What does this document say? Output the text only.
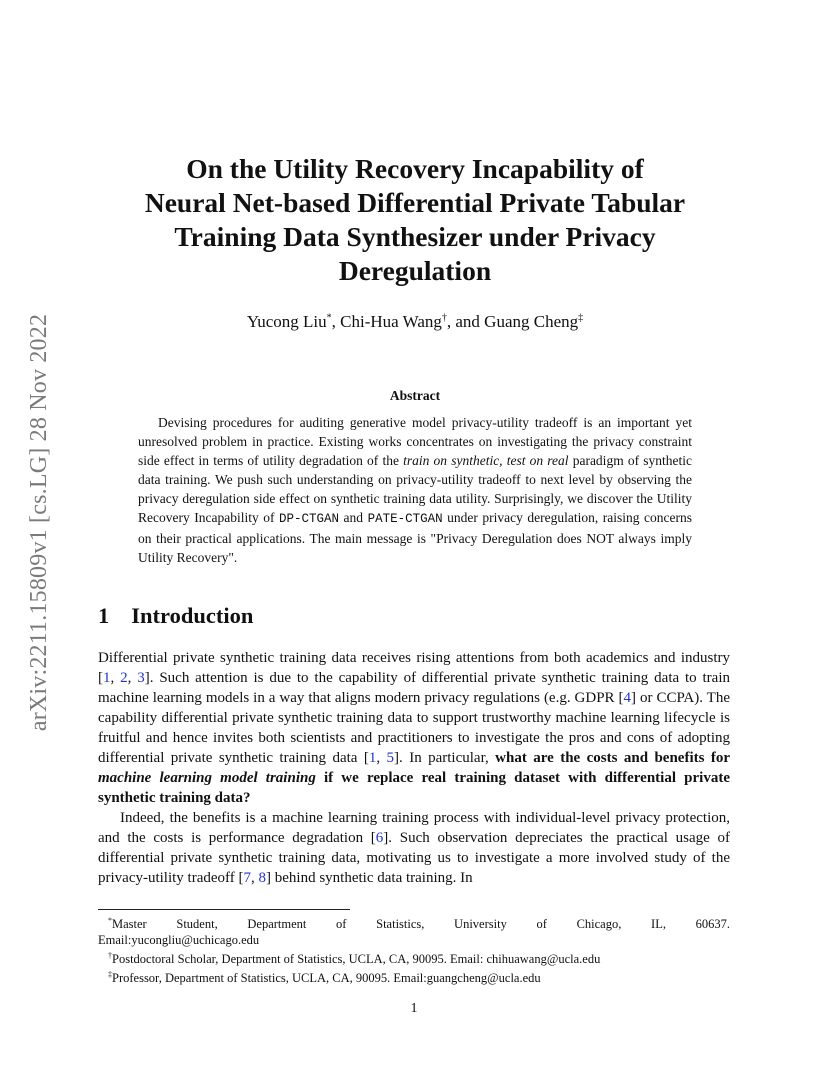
arXiv:2211.15809v1 [cs.LG] 28 Nov 2022
On the Utility Recovery Incapability of
Neural Net-based Differential Private Tabular
Training Data Synthesizer under Privacy
Deregulation
Yucong Liu*, Chi-Hua Wang†, and Guang Cheng‡
Abstract

Devising procedures for auditing generative model privacy-utility tradeoff is an important yet unresolved problem in practice. Existing works concentrates on investigating the privacy constraint side effect in terms of utility degradation of the train on synthetic, test on real paradigm of synthetic data training. We push such understanding on privacy-utility tradeoff to next level by observing the privacy deregulation side effect on synthetic training data utility. Surprisingly, we discover the Utility Recovery Incapability of DP-CTGAN and PATE-CTGAN under privacy deregulation, raising concerns on their practical applications. The main message is "Privacy Deregulation does NOT always imply Utility Recovery".

1 Introduction

Differential private synthetic training data receives rising attentions from both academics and industry [1, 2, 3]. Such attention is due to the capability of differential private synthetic training data to train machine learning models in a way that aligns modern privacy regulations (e.g. GDPR [4] or CCPA). The capability differential private synthetic training data to support trustworthy machine learning lifecycle is fruitful and hence invites both scientists and practitioners to investigate the pros and cons of adopting differential private synthetic training data [1, 5]. In particular, what are the costs and benefits for machine learning model training if we replace real training dataset with differential private synthetic training data?

Indeed, the benefits is a machine learning training process with individual-level privacy protection, and the costs is performance degradation [6]. Such observation depreciates the practical usage of differential private synthetic training data, motivating us to investigate a more involved study of the privacy-utility tradeoff [7, 8] behind synthetic data training. In

*Master Student, Department of Statistics, University of Chicago, IL, 60637.

Email:yucongliu@uchicago.edu

†Postdoctoral Scholar, Department of Statistics, UCLA, CA, 90095. Email: chihuawang@ucla.edu

‡Professor, Department of Statistics, UCLA, CA, 90095. Email:guangcheng@ucla.edu

1
